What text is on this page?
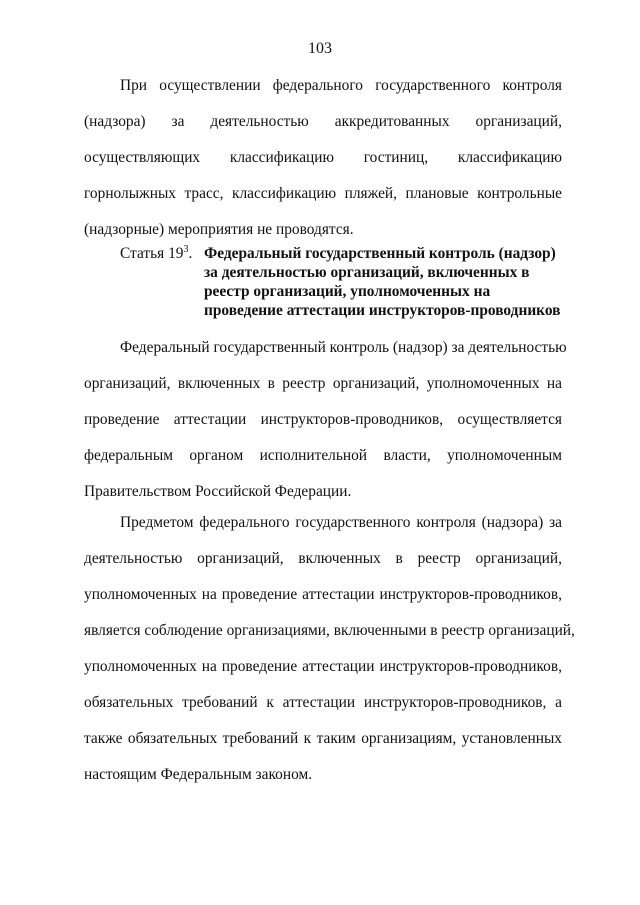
103
При осуществлении федерального государственного контроля
(надзора) за деятельностью аккредитованных организаций,
осуществляющих классификацию гостиниц, классификацию
горнолыжных трасс, классификацию пляжей, плановые контрольные
(надзорные) мероприятия не проводятся.
Статья $19^3$. Федеральный государственный контроль (надзор)
за деятельностью организаций, включенных в
реестр организаций, уполномоченных на
проведение аттестации инструкторов-проводников
Федеральный государственный контроль (надзор) за деятельностью
организаций, включенных в реестр организаций, уполномоченных на
проведение аттестации инструкторов-проводников, осуществляется
федеральным органом исполнительной власти, уполномоченным
Правительством Российской Федерации.
Предметом федерального государственного контроля (надзора) за
деятельностью организаций, включенных в реестр организаций,
уполномоченных на проведение аттестации инструкторов-проводников,
является соблюдение организациями, включенными в реестр организаций,
уполномоченных на проведение аттестации инструкторов-проводников,
обязательных требований к аттестации инструкторов-проводников, а
также обязательных требований к таким организациям, установленных
настоящим Федеральным законом.
